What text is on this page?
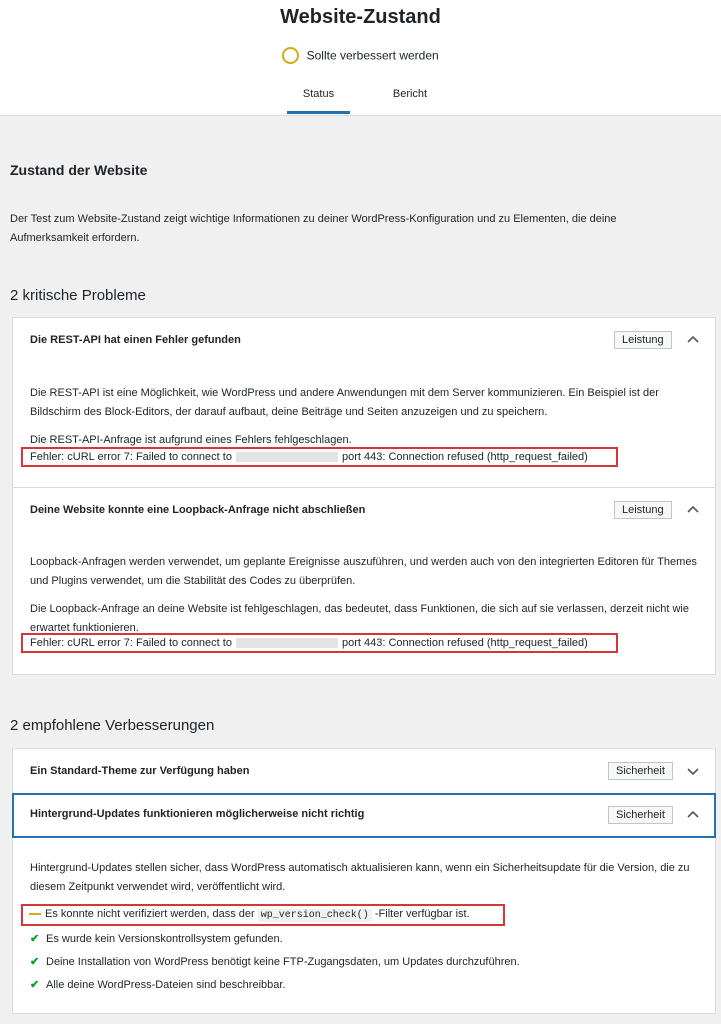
Website-Zustand
Sollte verbessert werden
Status	Bericht
Zustand der Website

Der Test zum Website-Zustand zeigt wichtige Informationen zu deiner WordPress-Konfiguration und zu Elementen, die deine Aufmerksamkeit erfordern.

2 kritische Probleme
Die REST-API hat einen Fehler gefunden	Leistung

Die REST-API ist eine Möglichkeit, wie WordPress und andere Anwendungen mit dem Server kommunizieren. Ein Beispiel ist der Bildschirm des Block-Editors, der darauf aufbaut, deine Beiträge und Seiten anzuzeigen und zu speichern.

Die REST-API-Anfrage ist aufgrund eines Fehlers fehlgeschlagen.

Fehler: cURL error 7: Failed to connect to	port 443: Connection refused (http_request_failed)
Deine Website konnte eine Loopback-Anfrage nicht abschließen	Leistung

Loopback-Anfragen werden verwendet, um geplante Ereignisse auszuführen, und werden auch von den integrierten Editoren für Themes und Plugins verwendet, um die Stabilität des Codes zu überprüfen.

Die Loopback-Anfrage an deine Website ist fehlgeschlagen, das bedeutet, dass Funktionen, die sich auf sie verlassen, derzeit nicht wie erwartet funktionieren.

Fehler: cURL error 7: Failed to connect to	port 443: Connection refused (http_request_failed)
2 empfohlene Verbesserungen
Ein Standard-Theme zur Verfügung haben	Sicherheit
Hintergrund-Updates funktionieren möglicherweise nicht richtig	Sicherheit

Hintergrund-Updates stellen sicher, dass WordPress automatisch aktualisieren kann, wenn ein Sicherheitsupdate für die Version, die zu diesem Zeitpunkt verwendet wird, veröffentlicht wird.

Es konnte nicht verifiziert werden, dass der wp_version_check() -Filter verfügbar ist.
✔ Es wurde kein Versionskontrollsystem gefunden.
✔ Deine Installation von WordPress benötigt keine FTP-Zugangsdaten, um Updates durchzuführen.
✔ Alle deine WordPress-Dateien sind beschreibbar.
